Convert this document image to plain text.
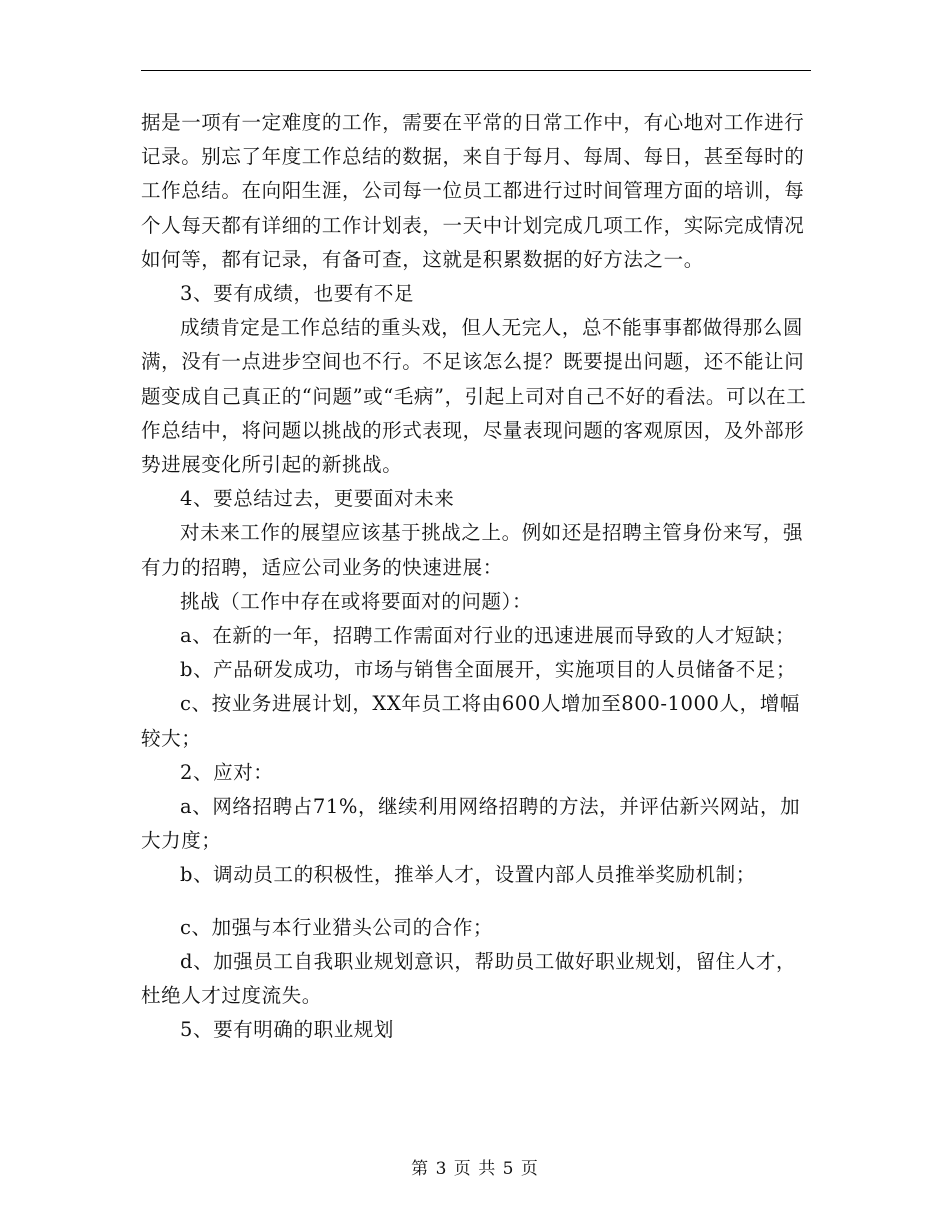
据是一项有一定难度的工作，需要在平常的日常工作中，有心地对工作进行记录。别忘了年度工作总结的数据，来自于每月、每周、每日，甚至每时的工作总结。在向阳生涯，公司每一位员工都进行过时间管理方面的培训，每个人每天都有详细的工作计划表，一天中计划完成几项工作，实际完成情况如何等，都有记录，有备可查，这就是积累数据的好方法之一。

3、要有成绩，也要有不足

成绩肯定是工作总结的重头戏，但人无完人，总不能事事都做得那么圆满，没有一点进步空间也不行。不足该怎么提？既要提出问题，还不能让问题变成自己真正的“问题”或“毛病”，引起上司对自己不好的看法。可以在工作总结中，将问题以挑战的形式表现，尽量表现问题的客观原因，及外部形势进展变化所引起的新挑战。

4、要总结过去，更要面对未来

对未来工作的展望应该基于挑战之上。例如还是招聘主管身份来写，强有力的招聘，适应公司业务的快速进展：

挑战（工作中存在或将要面对的问题）：

a、在新的一年，招聘工作需面对行业的迅速进展而导致的人才短缺；

b、产品研发成功，市场与销售全面展开，实施项目的人员储备不足；

c、按业务进展计划，XX年员工将由600人增加至800-1000人，增幅较大；

2、应对：

a、网络招聘占71%，继续利用网络招聘的方法，并评估新兴网站，加大力度；

b、调动员工的积极性，推举人才，设置内部人员推举奖励机制；

c、加强与本行业猎头公司的合作；

d、加强员工自我职业规划意识，帮助员工做好职业规划，留住人才，杜绝人才过度流失。

5、要有明确的职业规划

第 3 页 共 5 页
